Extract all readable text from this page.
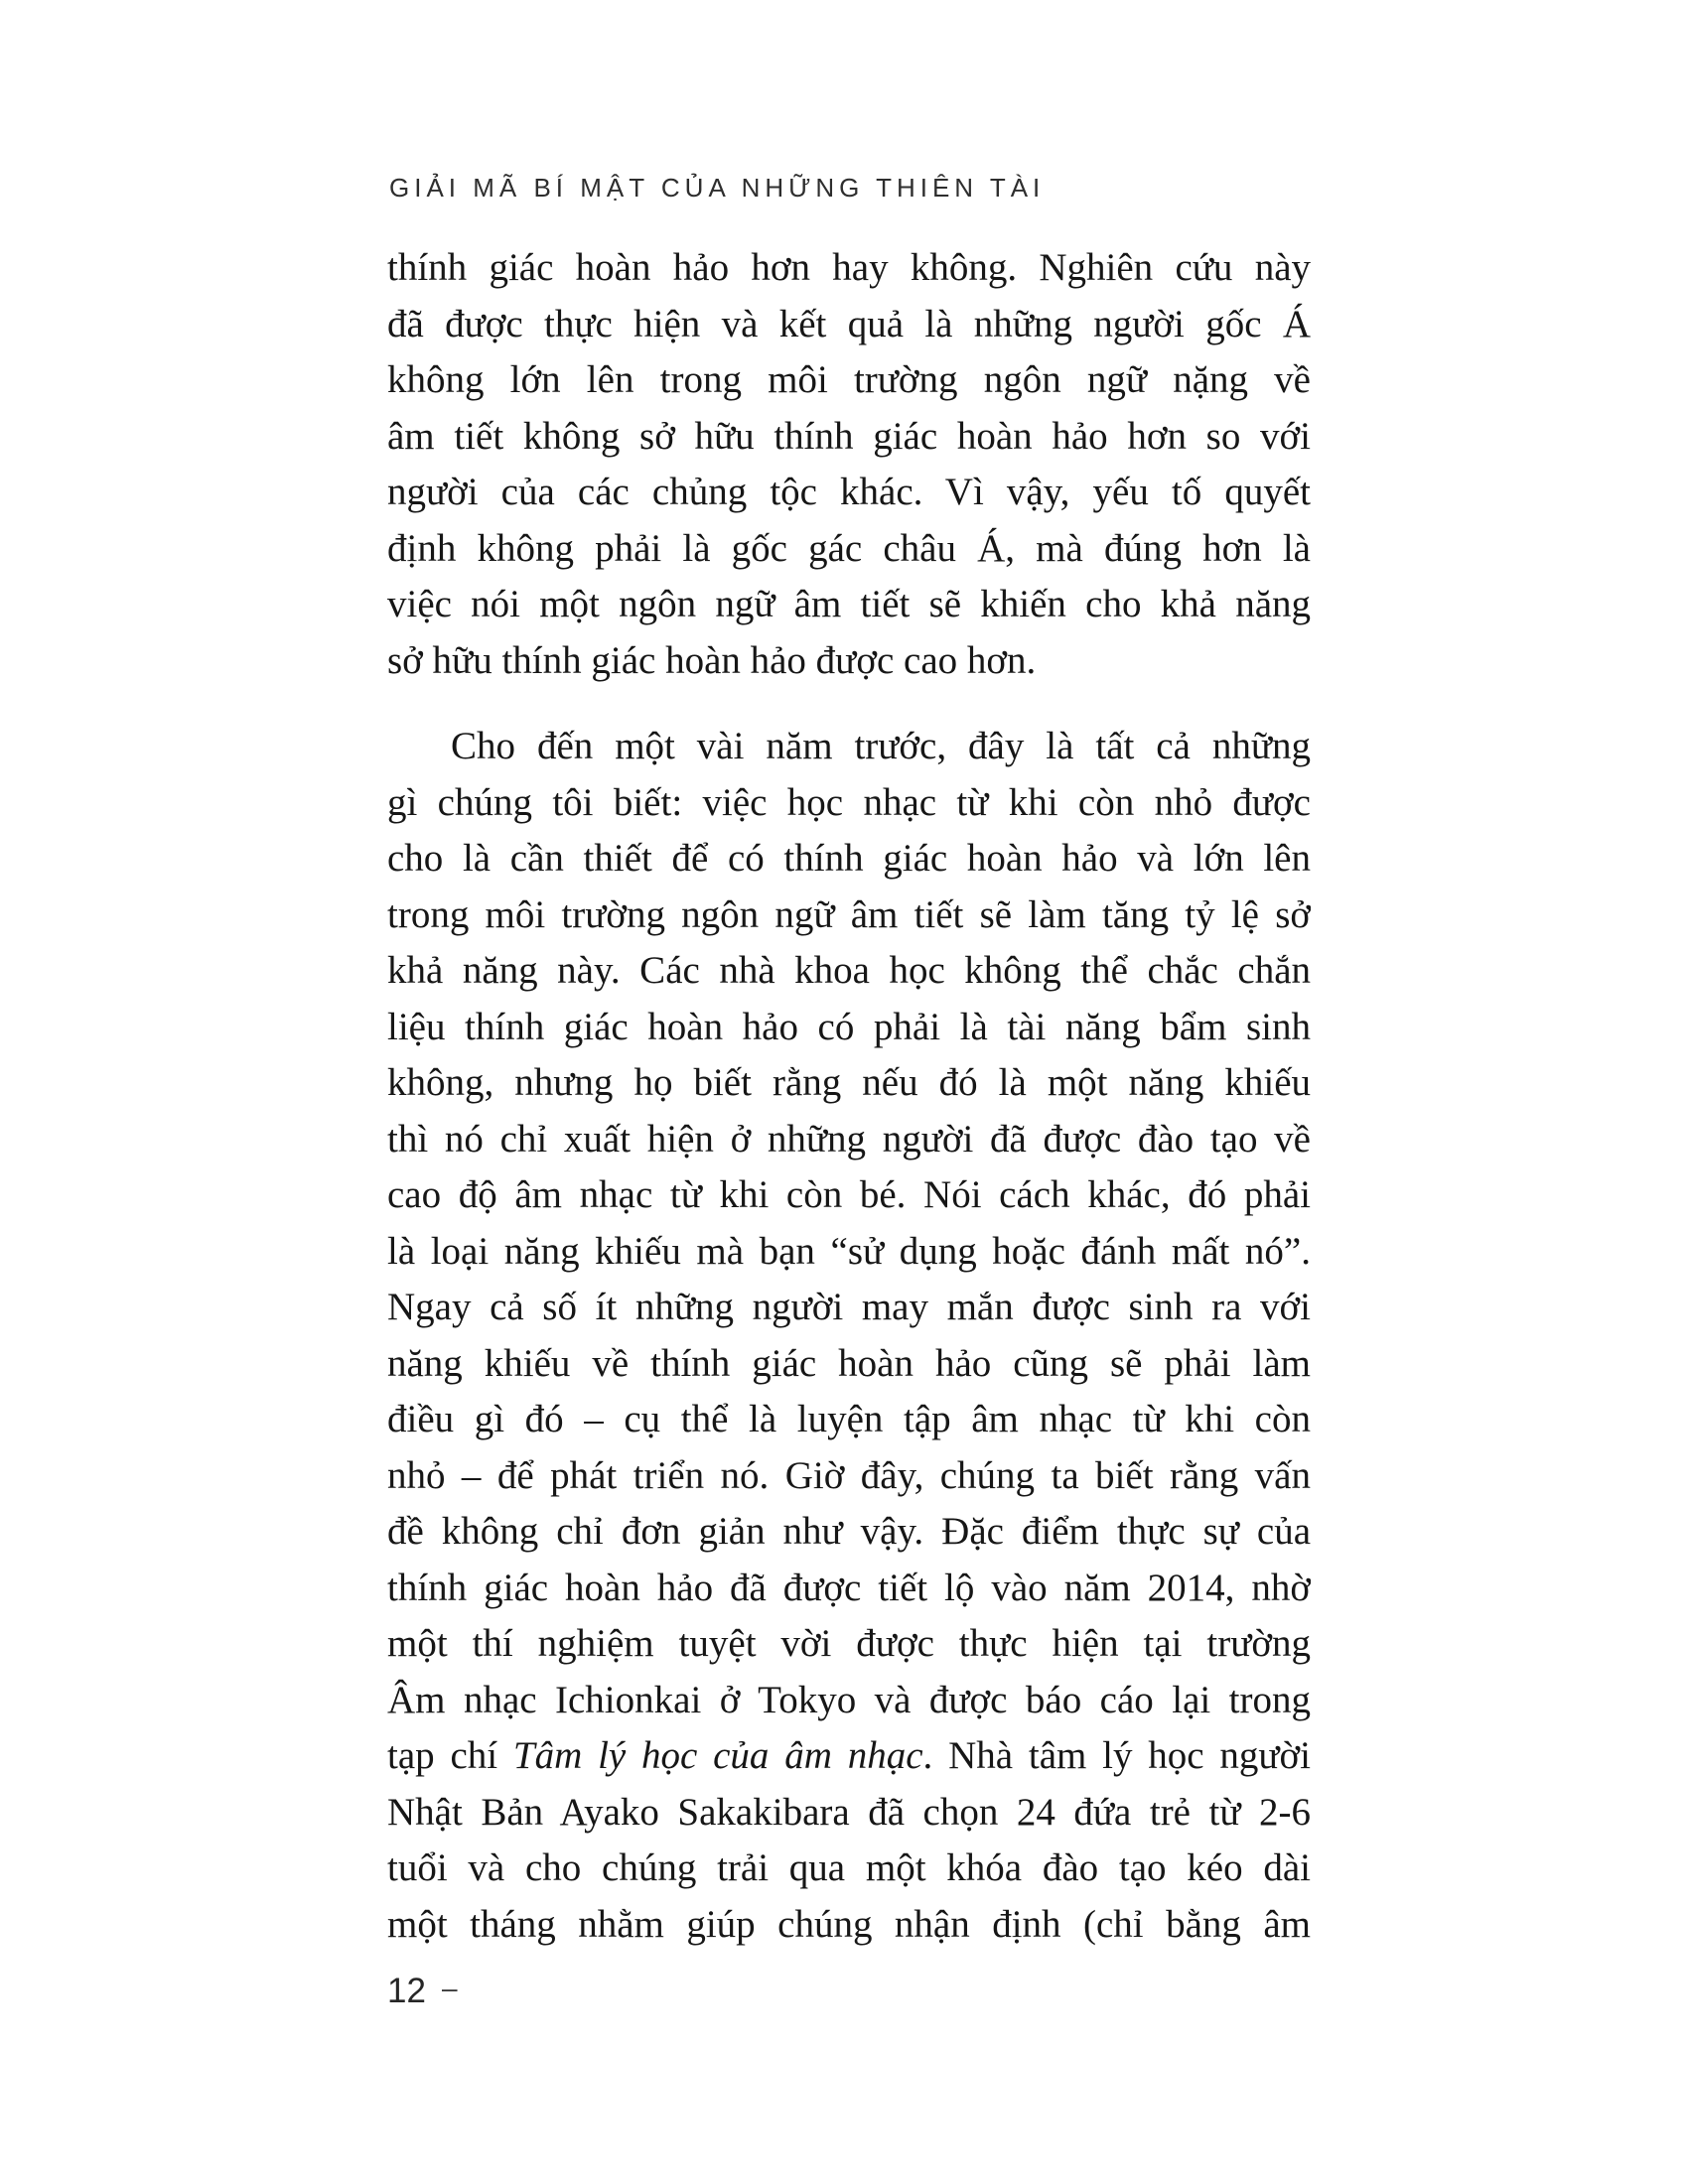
GIẢI MÃ BÍ MẬT CỦA NHỮNG THIÊN TÀI
thính giác hoàn hảo hơn hay không. Nghiên cứu này
đã được thực hiện và kết quả là những người gốc Á
không lớn lên trong môi trường ngôn ngữ nặng về
âm tiết không sở hữu thính giác hoàn hảo hơn so với
người của các chủng tộc khác. Vì vậy, yếu tố quyết
định không phải là gốc gác châu Á, mà đúng hơn là
việc nói một ngôn ngữ âm tiết sẽ khiến cho khả năng
sở hữu thính giác hoàn hảo được cao hơn.
Cho đến một vài năm trước, đây là tất cả những
gì chúng tôi biết: việc học nhạc từ khi còn nhỏ được
cho là cần thiết để có thính giác hoàn hảo và lớn lên
trong môi trường ngôn ngữ âm tiết sẽ làm tăng tỷ lệ sở
khả năng này. Các nhà khoa học không thể chắc chắn
liệu thính giác hoàn hảo có phải là tài năng bẩm sinh
không, nhưng họ biết rằng nếu đó là một năng khiếu
thì nó chỉ xuất hiện ở những người đã được đào tạo về
cao độ âm nhạc từ khi còn bé. Nói cách khác, đó phải
là loại năng khiếu mà bạn “sử dụng hoặc đánh mất nó”.
Ngay cả số ít những người may mắn được sinh ra với
năng khiếu về thính giác hoàn hảo cũng sẽ phải làm
điều gì đó – cụ thể là luyện tập âm nhạc từ khi còn
nhỏ – để phát triển nó. Giờ đây, chúng ta biết rằng vấn
đề không chỉ đơn giản như vậy. Đặc điểm thực sự của
thính giác hoàn hảo đã được tiết lộ vào năm 2014, nhờ
một thí nghiệm tuyệt vời được thực hiện tại trường
Âm nhạc Ichionkai ở Tokyo và được báo cáo lại trong
tạp chí Tâm lý học của âm nhạc. Nhà tâm lý học người
Nhật Bản Ayako Sakakibara đã chọn 24 đứa trẻ từ 2-6
tuổi và cho chúng trải qua một khóa đào tạo kéo dài
một tháng nhằm giúp chúng nhận định (chỉ bằng âm
12 –
